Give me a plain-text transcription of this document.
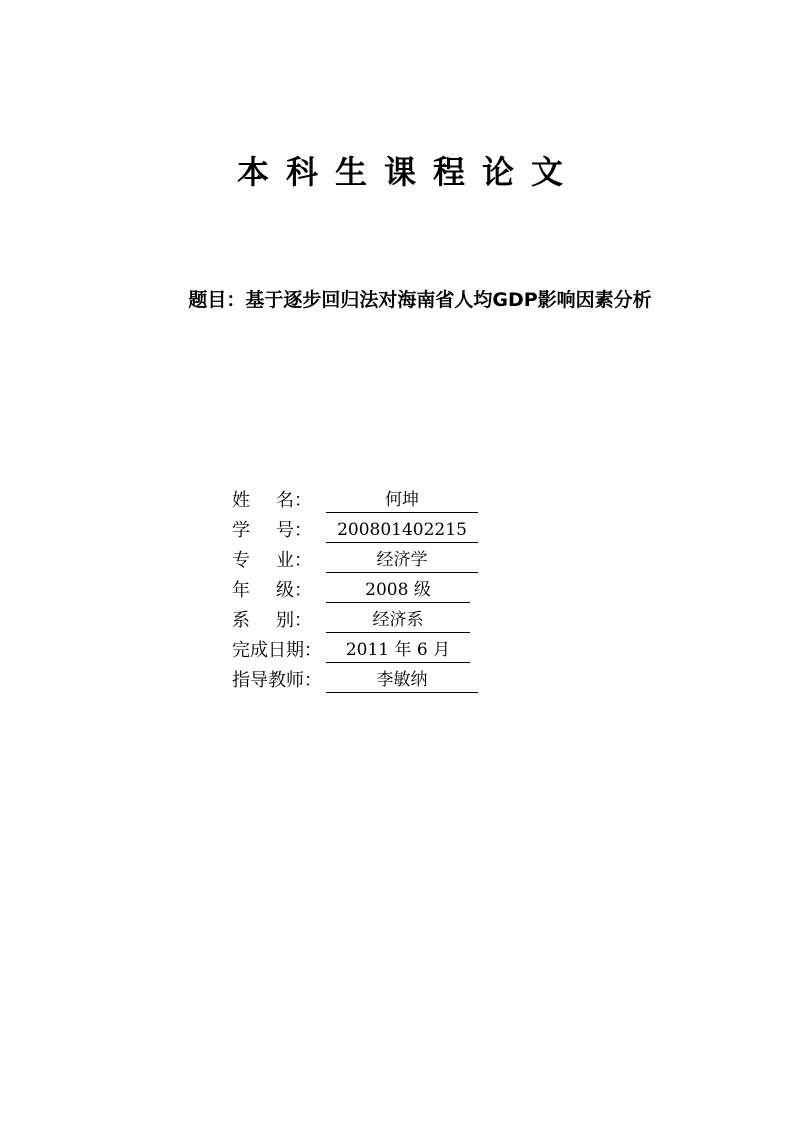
本科生课程论文
题目：基于逐步回归法对海南省人均GDP影响因素分析
姓名：	何坤
学号：	200801402215
专业：	经济学
年级：	2008 级
系别：	经济系
完成日期：	2011 年 6 月
指导教师：	李敏纳
